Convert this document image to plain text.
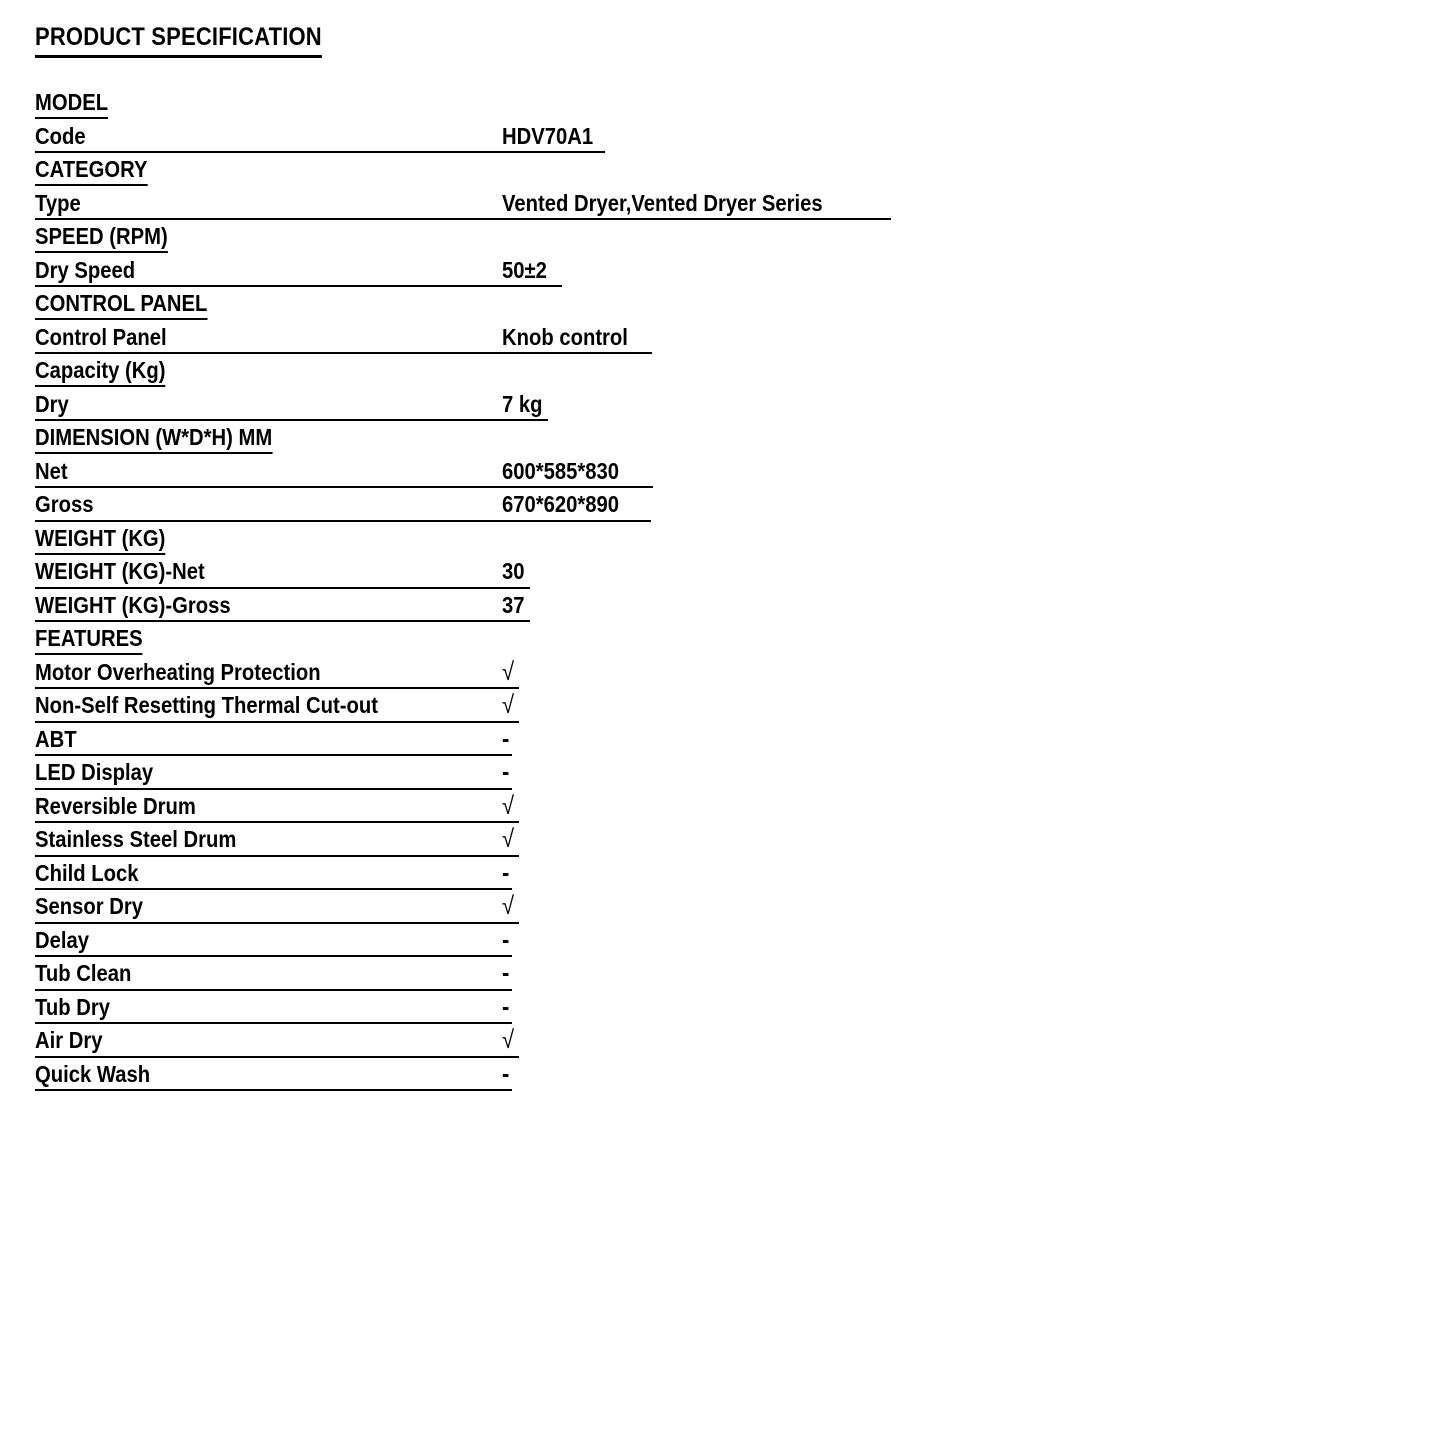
PRODUCT SPECIFICATION
MODEL
Code	HDV70A1
CATEGORY
Type	Vented Dryer,Vented Dryer Series
SPEED (RPM)
Dry Speed	50±2
CONTROL PANEL
Control Panel	Knob control
Capacity (Kg)
Dry	7 kg
DIMENSION (W*D*H) MM
Net	600*585*830
Gross	670*620*890
WEIGHT (KG)
WEIGHT (KG)-Net	30
WEIGHT (KG)-Gross	37
FEATURES
Motor Overheating Protection	√
Non-Self Resetting Thermal Cut-out	√
ABT	-
LED Display	-
Reversible Drum	√
Stainless Steel Drum	√
Child Lock	-
Sensor Dry	√
Delay	-
Tub Clean	-
Tub Dry	-
Air Dry	√
Quick Wash	-
